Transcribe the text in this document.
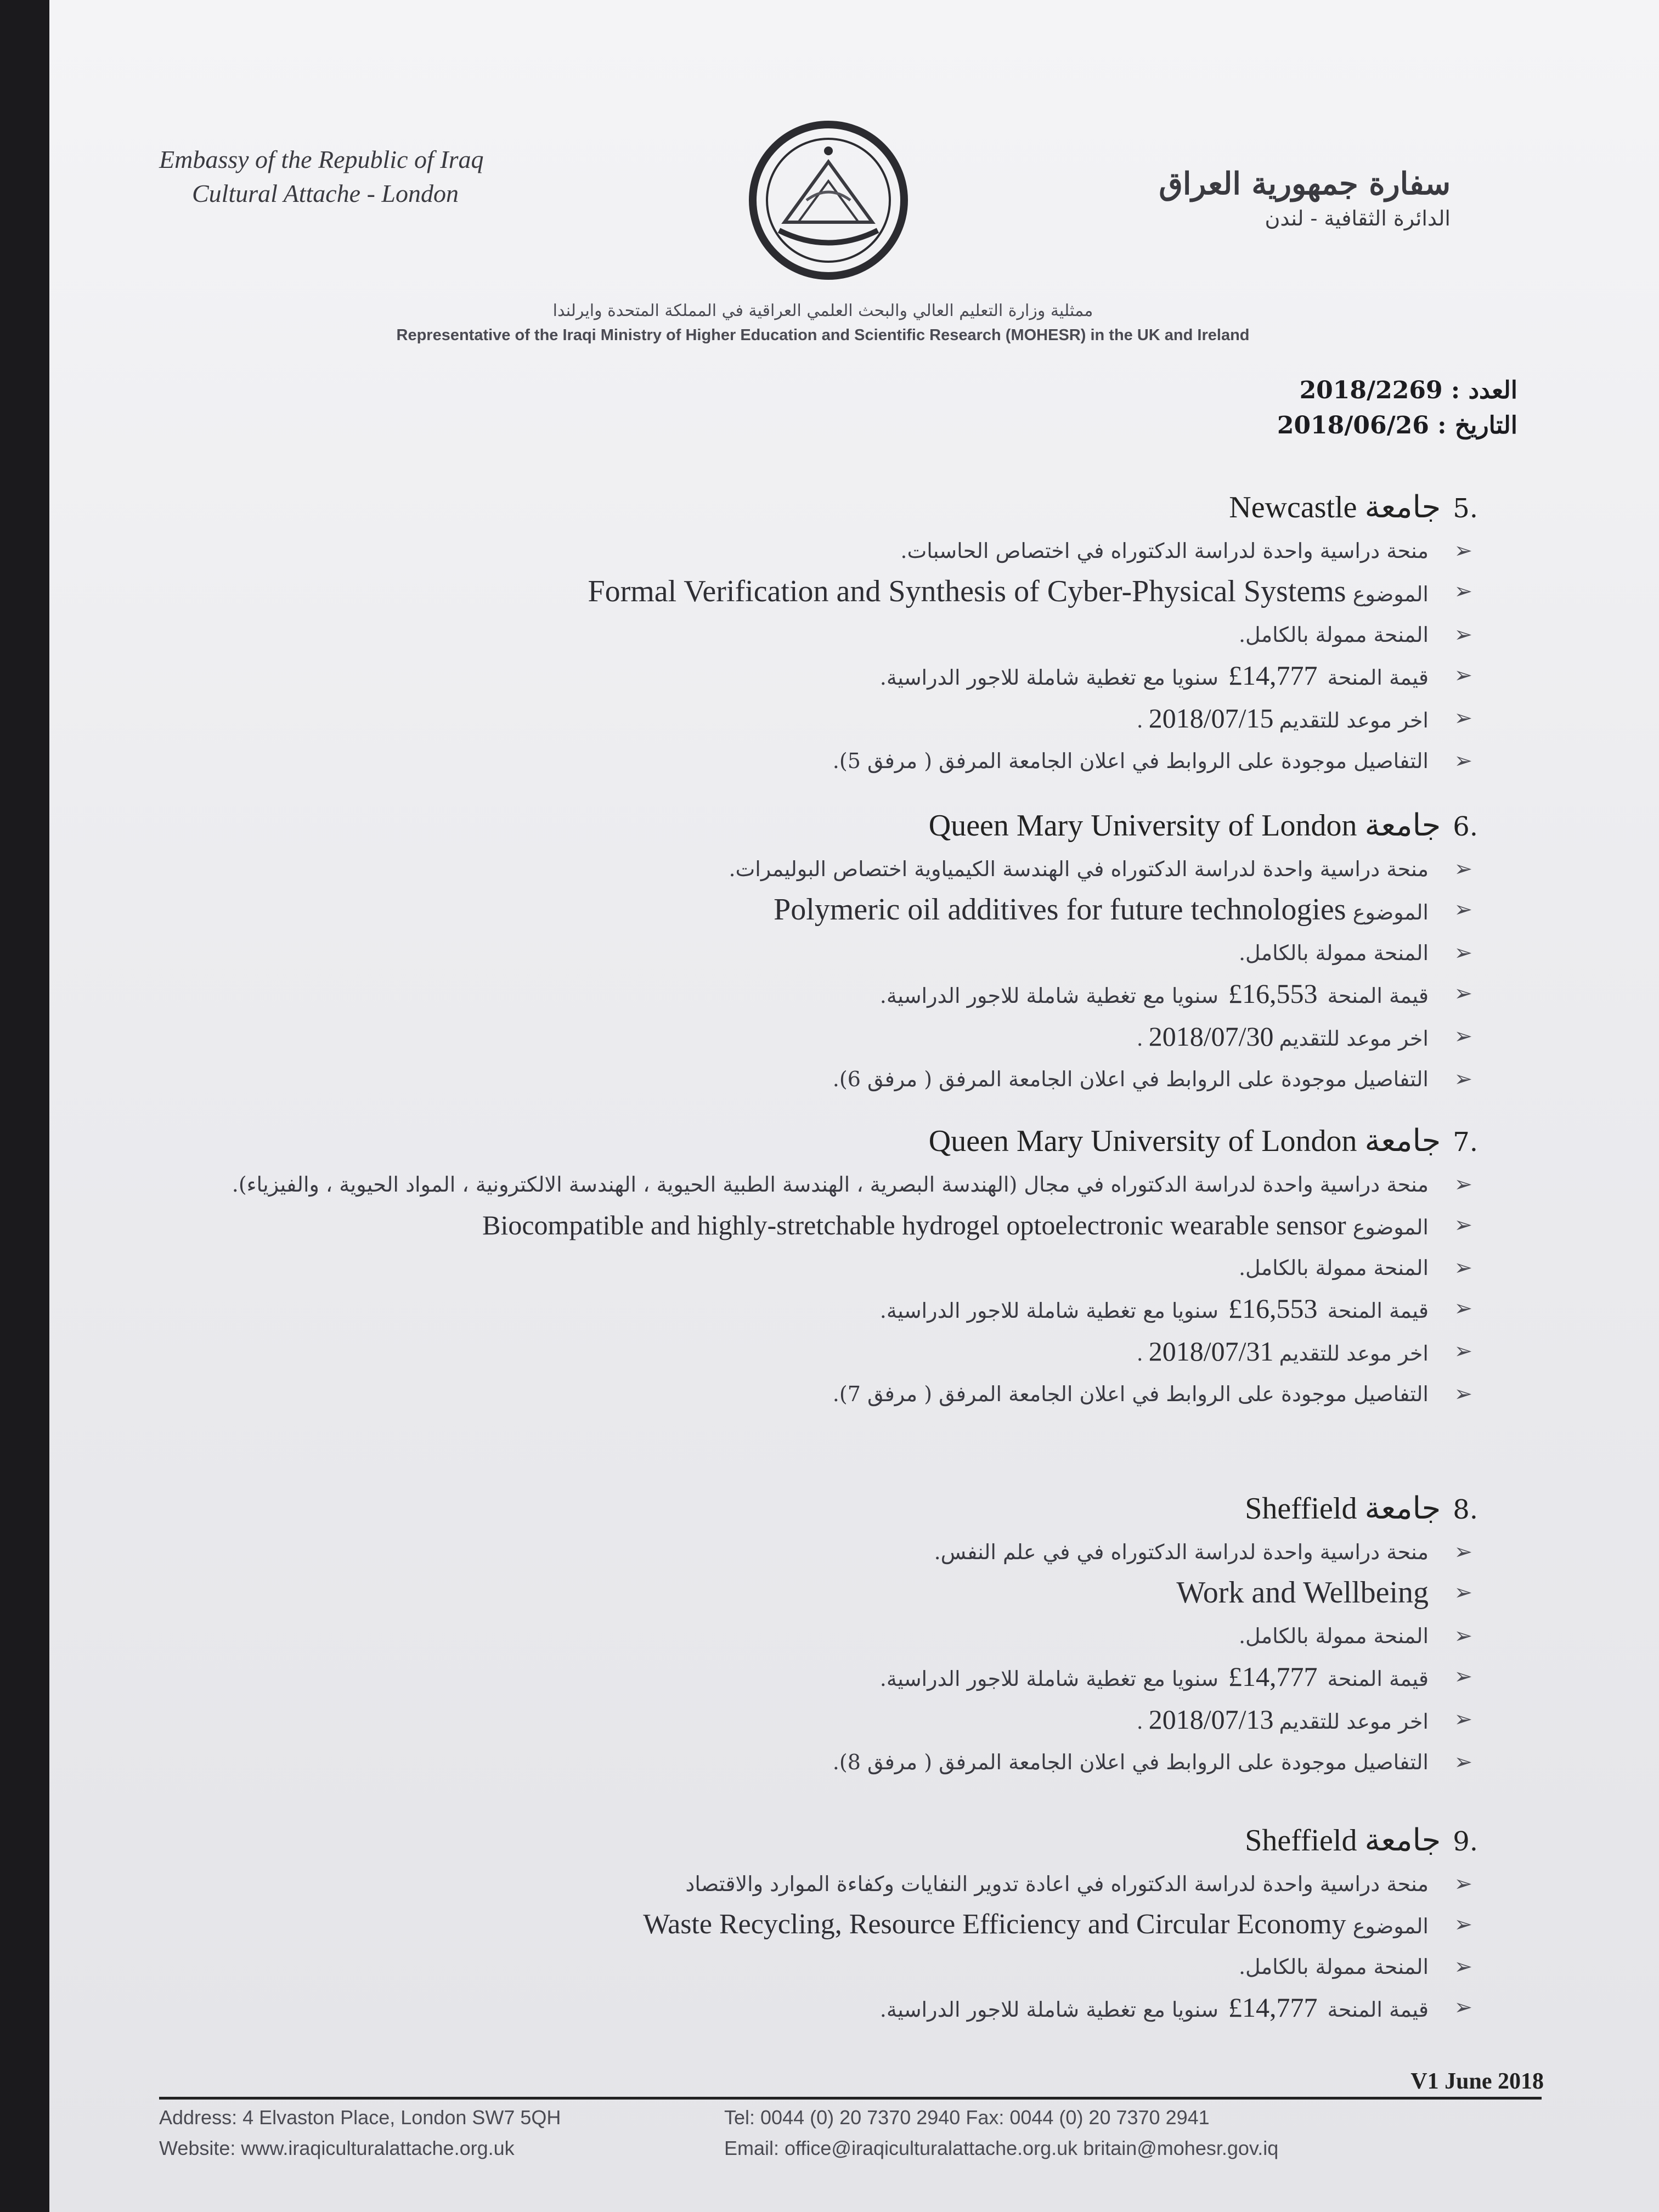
Embassy of the Republic of Iraq
Cultural Attache - London	سفارة جمهورية العراق
الدائرة الثقافية - لندن
ممثلية وزارة التعليم العالي والبحث العلمي العراقية في المملكة المتحدة وايرلندا
Representative of the Iraqi Ministry of Higher Education and Scientific Research (MOHESR) in the UK and Ireland
العدد : 2018/2269
التاريخ : 2018/06/26
.5جامعةNewcastle
➢
منحة دراسية واحدة لدراسة الدكتوراه في اختصاص الحاسبات.
➢
الموضوع Formal Verification and Synthesis of Cyber-Physical Systems
➢
المنحة ممولة بالكامل.
➢
قيمة المنحة£14,777سنويا مع تغطية شاملة للاجور الدراسية.
➢
اخر موعد للتقديم2018/07/15.
➢
التفاصيل موجودة على الروابط في اعلان الجامعة المرفق ( مرفق 5).
.6جامعةQueen Mary University of London
➢
منحة دراسية واحدة لدراسة الدكتوراه في الهندسة الكيمياوية اختصاص البوليمرات.
➢
الموضوع Polymeric oil additives for future technologies
➢
المنحة ممولة بالكامل.
➢
قيمة المنحة£16,553سنويا مع تغطية شاملة للاجور الدراسية.
➢
اخر موعد للتقديم2018/07/30.
➢
التفاصيل موجودة على الروابط في اعلان الجامعة المرفق ( مرفق 6).
.7جامعةQueen Mary University of London
➢
منحة دراسية واحدة لدراسة الدكتوراه في مجال (الهندسة البصرية ، الهندسة الطبية الحيوية ، الهندسة الالكترونية ، المواد الحيوية ، والفيزياء).
➢
الموضوع Biocompatible and highly-stretchable hydrogel optoelectronic wearable sensor
➢
المنحة ممولة بالكامل.
➢
قيمة المنحة£16,553سنويا مع تغطية شاملة للاجور الدراسية.
➢
اخر موعد للتقديم2018/07/31.
➢
التفاصيل موجودة على الروابط في اعلان الجامعة المرفق ( مرفق 7).
.8جامعةSheffield
➢
منحة دراسية واحدة لدراسة الدكتوراه في في علم النفس.
➢
Work and Wellbeing
➢
المنحة ممولة بالكامل.
➢
قيمة المنحة£14,777سنويا مع تغطية شاملة للاجور الدراسية.
➢
اخر موعد للتقديم2018/07/13.
➢
التفاصيل موجودة على الروابط في اعلان الجامعة المرفق ( مرفق 8).
.9جامعةSheffield
➢
منحة دراسية واحدة لدراسة الدكتوراه في اعادة تدوير النفايات وكفاءة الموارد والاقتصاد
➢
الموضوع Waste Recycling, Resource Efficiency and Circular Economy
➢
المنحة ممولة بالكامل.
➢
قيمة المنحة£14,777سنويا مع تغطية شاملة للاجور الدراسية.
V1 June 2018
Address: 4 Elvaston Place, London SW7 5QH
Website: www.iraqiculturalattache.org.uk
Tel: 0044 (0) 20 7370 2940 Fax: 0044 (0) 20 7370 2941
Email: office@iraqiculturalattache.org.uk britain@mohesr.gov.iq
